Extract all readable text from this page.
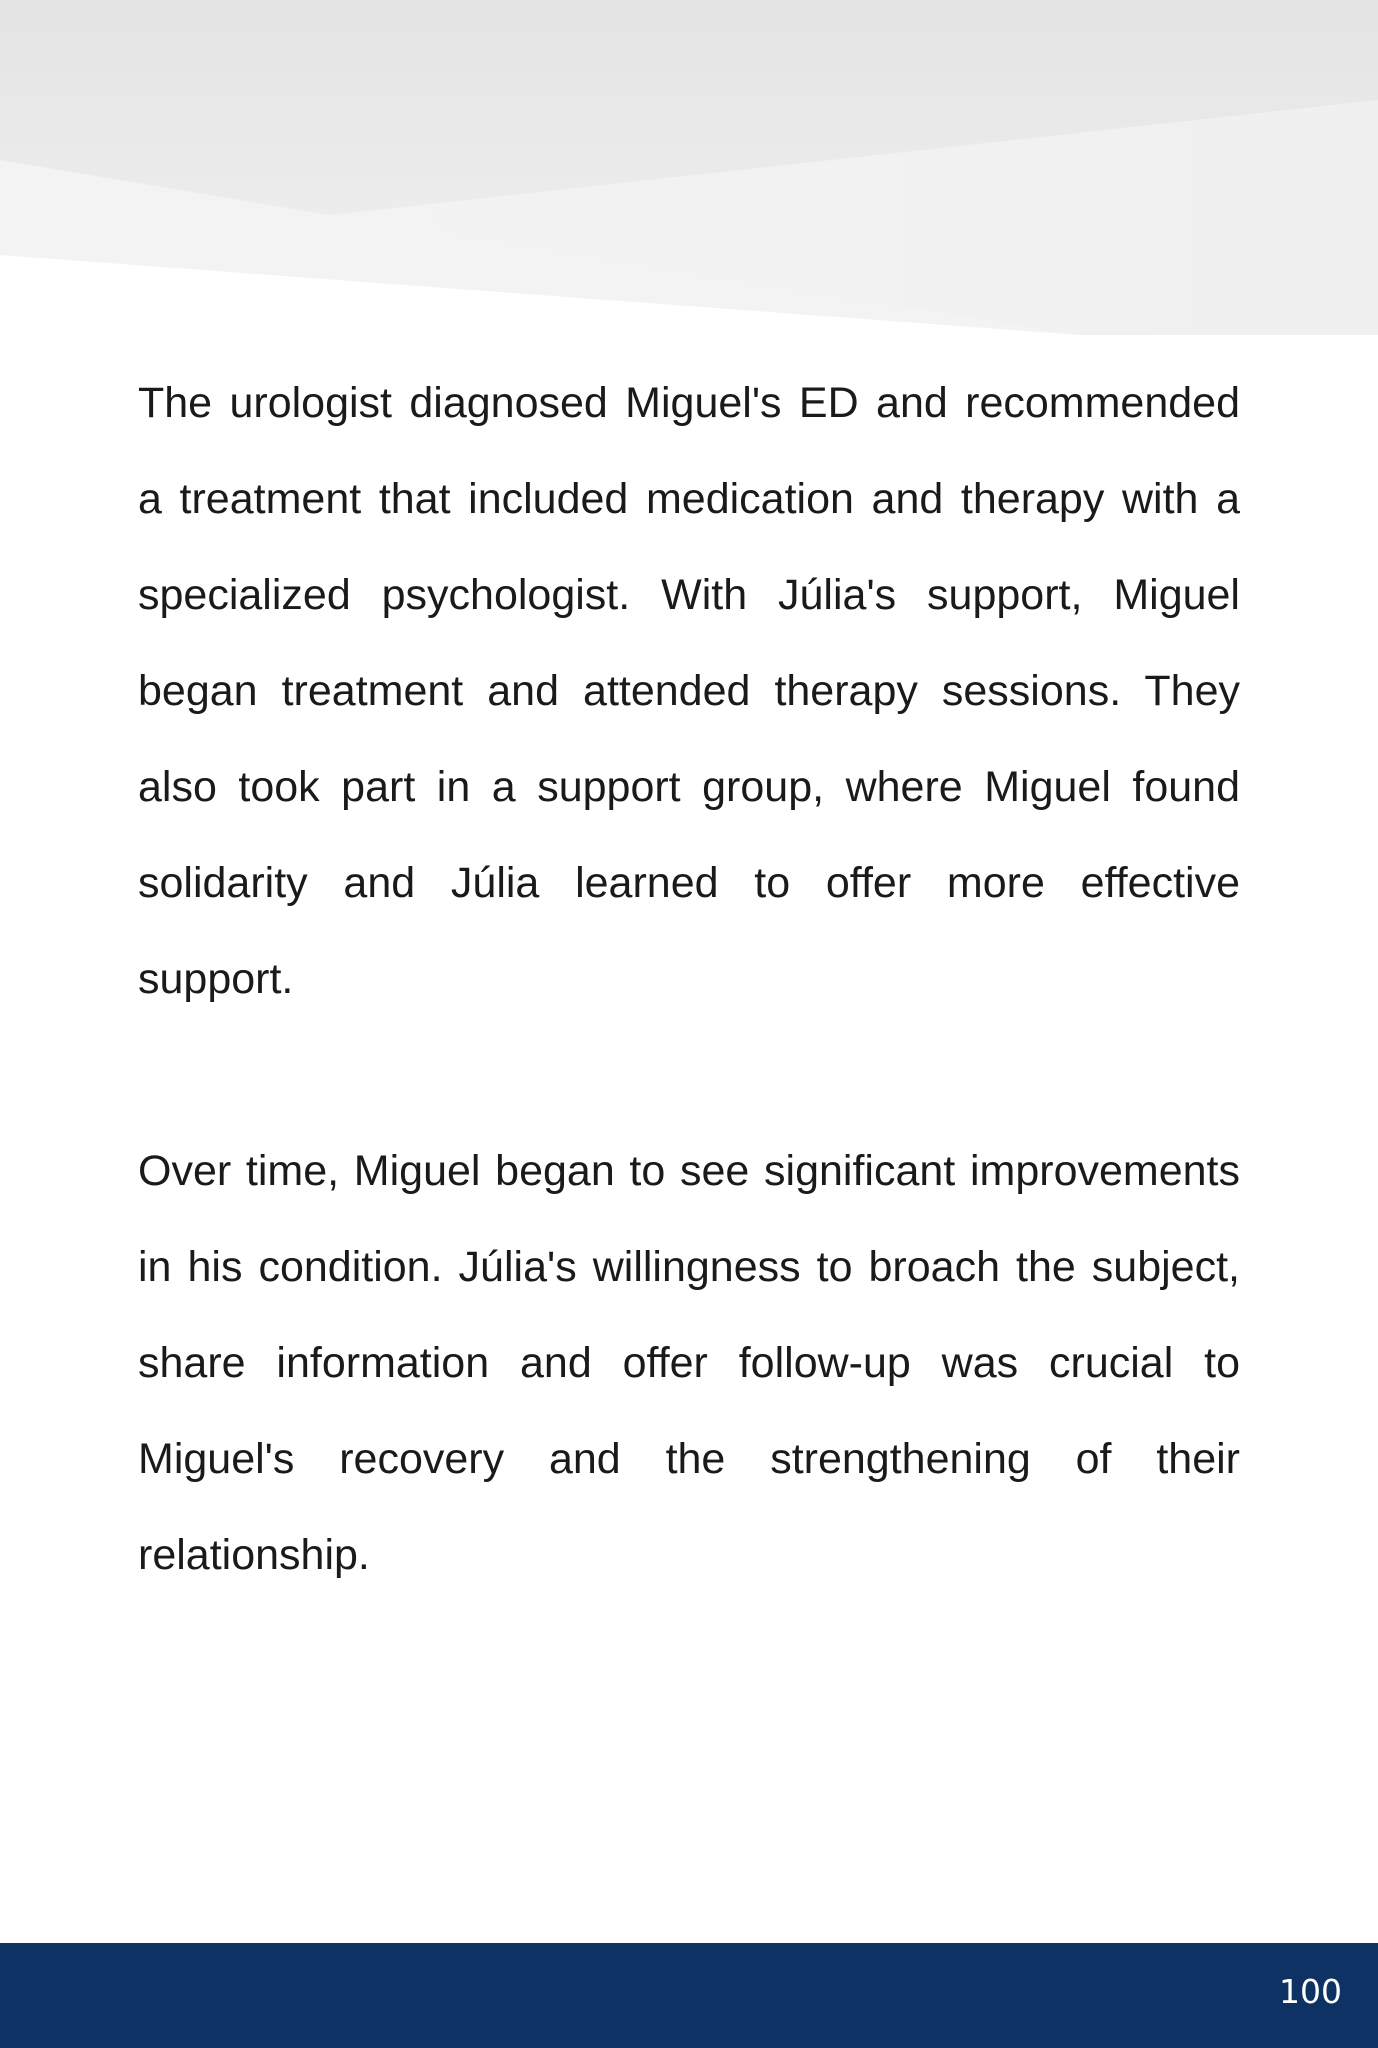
The urologist diagnosed Miguel's ED and recommended a treatment that included medication and therapy with a specialized psychologist. With Júlia's support, Miguel began treatment and attended therapy sessions. They also took part in a support group, where Miguel found solidarity and Júlia learned to offer more effective support.

Over time, Miguel began to see significant improvements in his condition. Júlia's willingness to broach the subject, share information and offer follow-up was crucial to Miguel's recovery and the strengthening of their relationship.

100
